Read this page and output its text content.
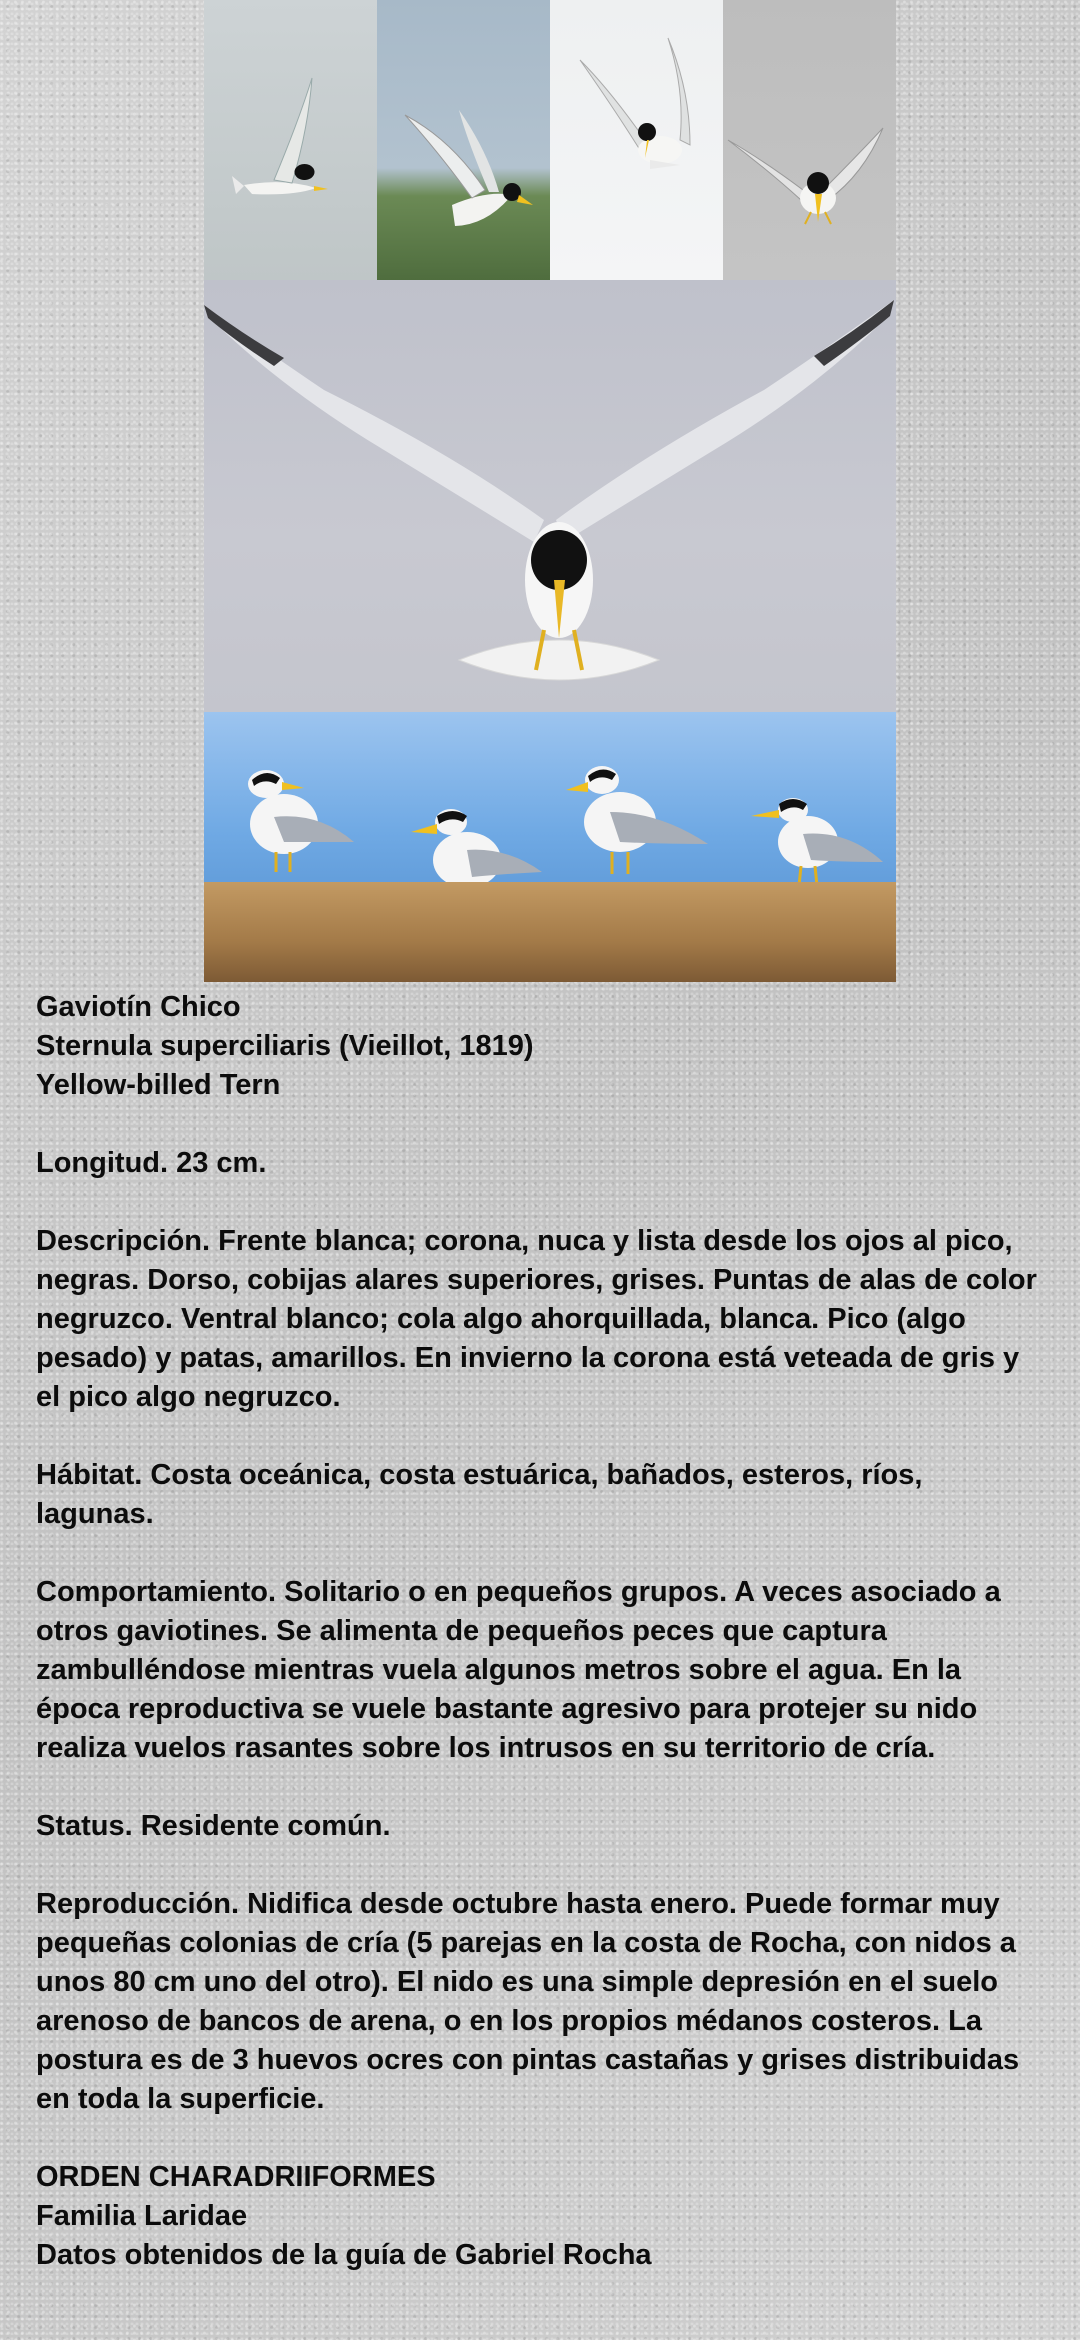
Gaviotín Chico

Sternula superciliaris (Vieillot, 1819)

Yellow-billed Tern

Longitud. 23 cm.

Descripción. Frente blanca; corona, nuca y lista desde los ojos al pico, negras. Dorso, cobijas alares superiores, grises. Puntas de alas de color negruzco. Ventral blanco; cola algo ahorquillada, blanca. Pico (algo pesado) y patas, amarillos. En invierno la corona está veteada de gris y el pico algo negruzco.

Hábitat. Costa oceánica, costa estuárica, bañados, esteros, ríos, lagunas.

Comportamiento. Solitario o en pequeños grupos. A veces asociado a otros gaviotines. Se alimenta de pequeños peces que captura zambulléndose mientras vuela algunos metros sobre el agua. En la época reproductiva se vuele bastante agresivo para protejer su nido realiza vuelos rasantes sobre los intrusos en su territorio de cría.

Status. Residente común.

Reproducción. Nidifica desde octubre hasta enero. Puede formar muy pequeñas colonias de cría (5 parejas en la costa de Rocha, con nidos a unos 80 cm uno del otro). El nido es una simple depresión en el suelo arenoso de bancos de arena, o en los propios médanos costeros. La postura es de 3 huevos ocres con pintas castañas y grises distribuidas en toda la superficie.

ORDEN CHARADRIIFORMES

Familia Laridae

Datos obtenidos de la guía de Gabriel Rocha
